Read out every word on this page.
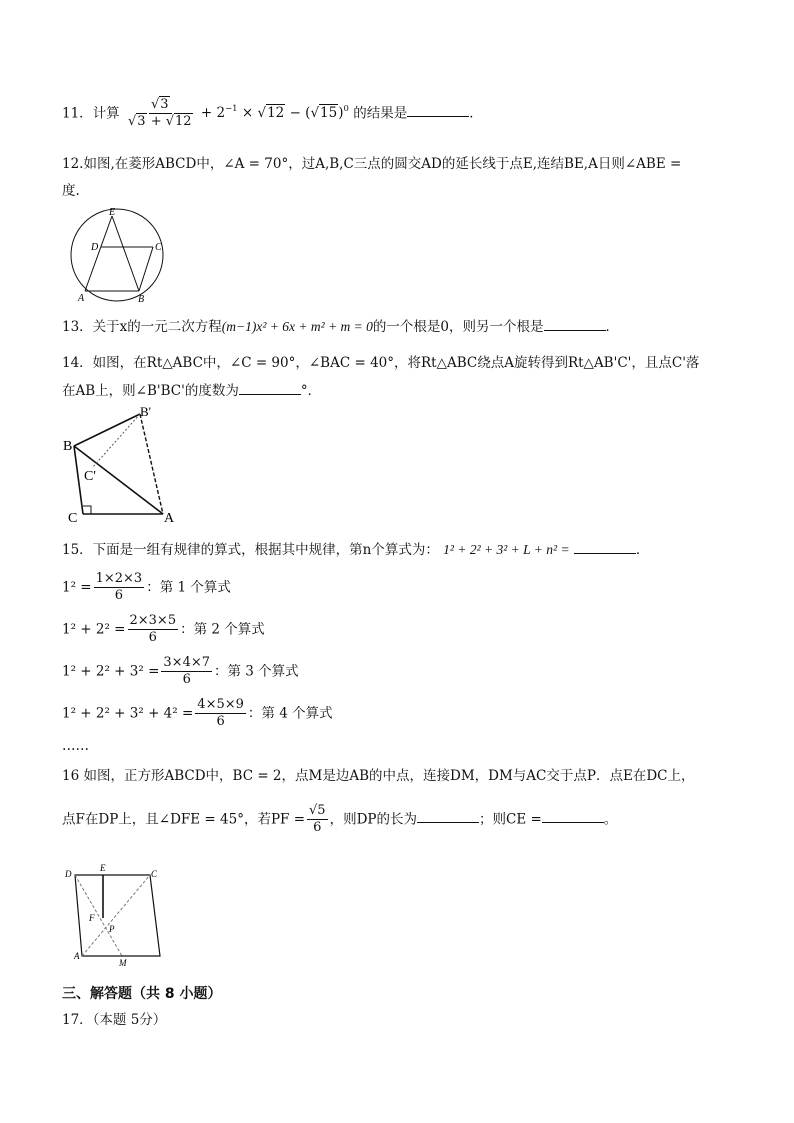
11．计算 $\frac{√3}{√3 + √12} + 2^{-1} \times √12 - (√15)^0$ 的结果是	．
12.如图,在菱形ABCD中，∠A = 70°，过A,B,C三点的圆交AD的延长线于点E,连结BE,A日则∠ABE =
度.
E
D	C
A	B
13．关于x的一元二次方程(m−1)x² + 6x + m² + m = 0的一个根是0，则另一个根是	．
14．如图，在Rt△ABC中，∠C = 90°，∠BAC = 40°，将Rt△ABC绕点A旋转得到Rt△AB'C'，且点C'落
在AB上，则∠B'BC'的度数为	°．
B'
B
C'
C	A
15．下面是一组有规律的算式，根据其中规律，第n个算式为： 1² + 2² + 3² + L + n² =	．
$1^2 = \frac{1\times 2\times 3}{6}$ ：第 1 个算式
$1^2 + 2^2 = \frac{2\times 3\times 5}{6}$ ：第 2 个算式
$1^2 + 2^2 + 3^2 = \frac{3\times 4\times 7}{6}$ ：第 3 个算式
$1^2 + 2^2 + 3^2 + 4^2 = \frac{4\times 5\times 9}{6}$ ：第 4 个算式
……
16 如图，正方形ABCD中，BC = 2，点M是边AB的中点，连接DM，DM与AC交于点P．点E在DC上，
点F在DP上，且∠DFE = 45°，若PF = $\frac{√5}{6}$ ，则DP的长为	；则CE =	。
D
E
C
F
P
A
M
三、解答题（共 8 小题）
17．（本题 5分）
